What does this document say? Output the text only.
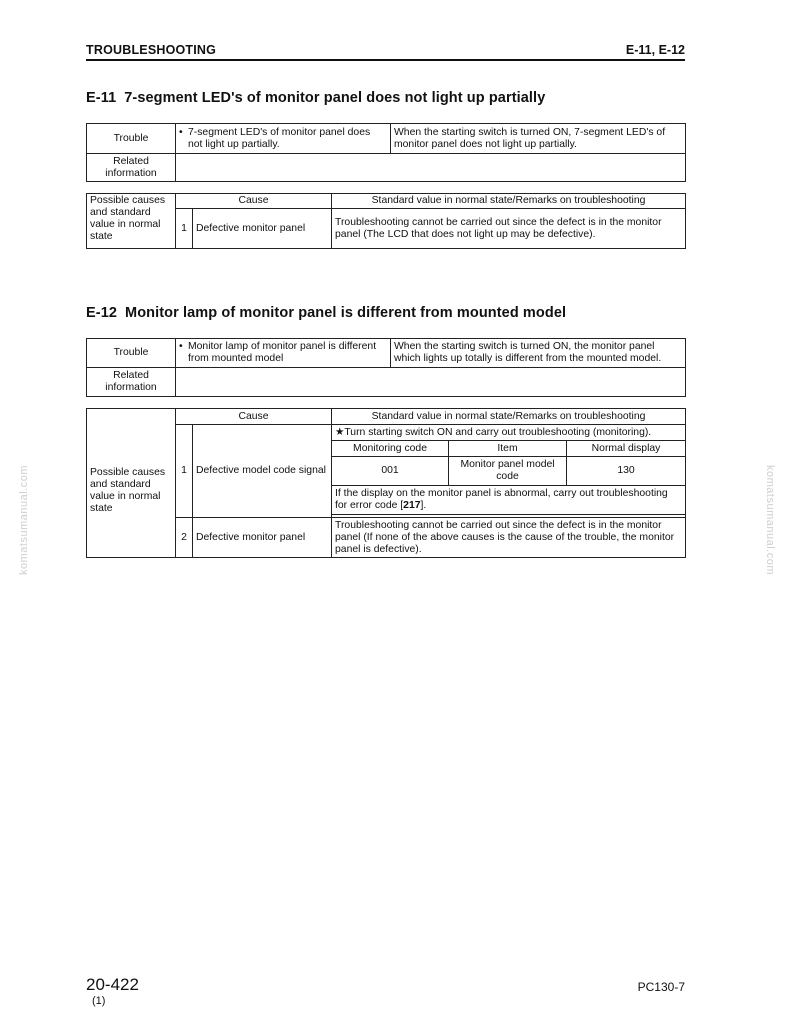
TROUBLESHOOTING	E-11, E-12
E-11 7-segment LED's of monitor panel does not light up partially
Trouble	• 7-segment LED's of monitor panel does not light up partially.	When the starting switch is turned ON, 7-segment LED's of monitor panel does not light up partially.
Related information		
Possible causes and standard value in normal state	Cause		Standard value in normal state/Remarks on troubleshooting
	1	Defective monitor panel	Troubleshooting cannot be carried out since the defect is in the monitor panel (The LCD that does not light up may be defective).
E-12 Monitor lamp of monitor panel is different from mounted model
Trouble	• Monitor lamp of monitor panel is different from mounted model	When the starting switch is turned ON, the monitor panel which lights up totally is different from the mounted model.
Related information		
	Cause		Standard value in normal state/Remarks on troubleshooting		
Possible causes and standard value in normal state	1	Defective model code signal	★Turn starting switch ON and carry out troubleshooting (monitoring).		
			Monitoring code	Item	Normal display
			001	Monitor panel model code	130
			If the display on the monitor panel is abnormal, carry out troubleshooting for error code [217].		

	2	Defective monitor panel	Troubleshooting cannot be carried out since the defect is in the monitor panel (If none of the above causes is the cause of the trouble, the monitor panel is defective).		
komatsumanual.com	komatsumanual.com
20-422
(1)
PC130-7
